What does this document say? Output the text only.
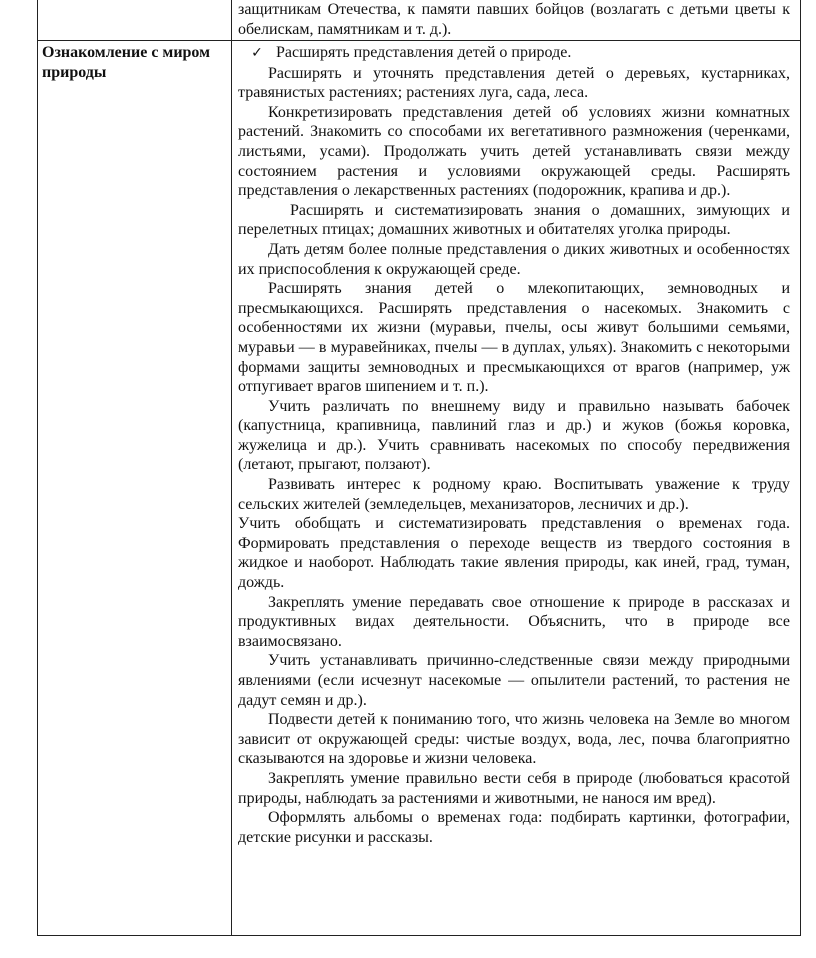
Ознакомление с миром природы

защитникам Отечества, к памяти павших бойцов (возлагать с детьми цветы к обелискам, памятникам и т. д.).

✓ Расширять представления детей о природе.

Расширять и уточнять представления детей о деревьях, кустарниках, травянистых растениях; растениях луга, сада, леса.

Конкретизировать представления детей об условиях жизни комнатных растений. Знакомить со способами их вегетативного размножения (черенками, листьями, усами). Продолжать учить детей устанавливать связи между состоянием растения и условиями окружающей среды. Расширять представления о лекарственных растениях (подорожник, крапива и др.).

Расширять и систематизировать знания о домашних, зимующих и перелетных птицах; домашних животных и обитателях уголка природы.

Дать детям более полные представления о диких животных и особенностях их приспособления к окружающей среде.

Расширять знания детей о млекопитающих, земноводных и пресмыкающихся. Расширять представления о насекомых. Знакомить с особенностями их жизни (муравьи, пчелы, осы живут большими семьями, муравьи — в муравейниках, пчелы — в дуплах, ульях). Знакомить с некоторыми формами защиты земноводных и пресмыкающихся от врагов (например, уж отпугивает врагов шипением и т. п.).

Учить различать по внешнему виду и правильно называть бабочек (капустница, крапивница, павлиний глаз и др.) и жуков (божья коровка, жужелица и др.). Учить сравнивать насекомых по способу передвижения (летают, прыгают, ползают).

Развивать интерес к родному краю. Воспитывать уважение к труду сельских жителей (земледельцев, механизаторов, лесничих и др.).

Учить обобщать и систематизировать представления о временах года. Формировать представления о переходе веществ из твердого состояния в жидкое и наоборот. Наблюдать такие явления природы, как иней, град, туман, дождь.

Закреплять умение передавать свое отношение к природе в рассказах и продуктивных видах деятельности. Объяснить, что в природе все взаимосвязано.

Учить устанавливать причинно-следственные связи между природными явлениями (если исчезнут насекомые — опылители растений, то растения не дадут семян и др.).

Подвести детей к пониманию того, что жизнь человека на Земле во многом зависит от окружающей среды: чистые воздух, вода, лес, почва благоприятно сказываются на здоровье и жизни человека.

Закреплять умение правильно вести себя в природе (любоваться красотой природы, наблюдать за растениями и животными, не нанося им вред).

Оформлять альбомы о временах года: подбирать картинки, фотографии, детские рисунки и рассказы.
